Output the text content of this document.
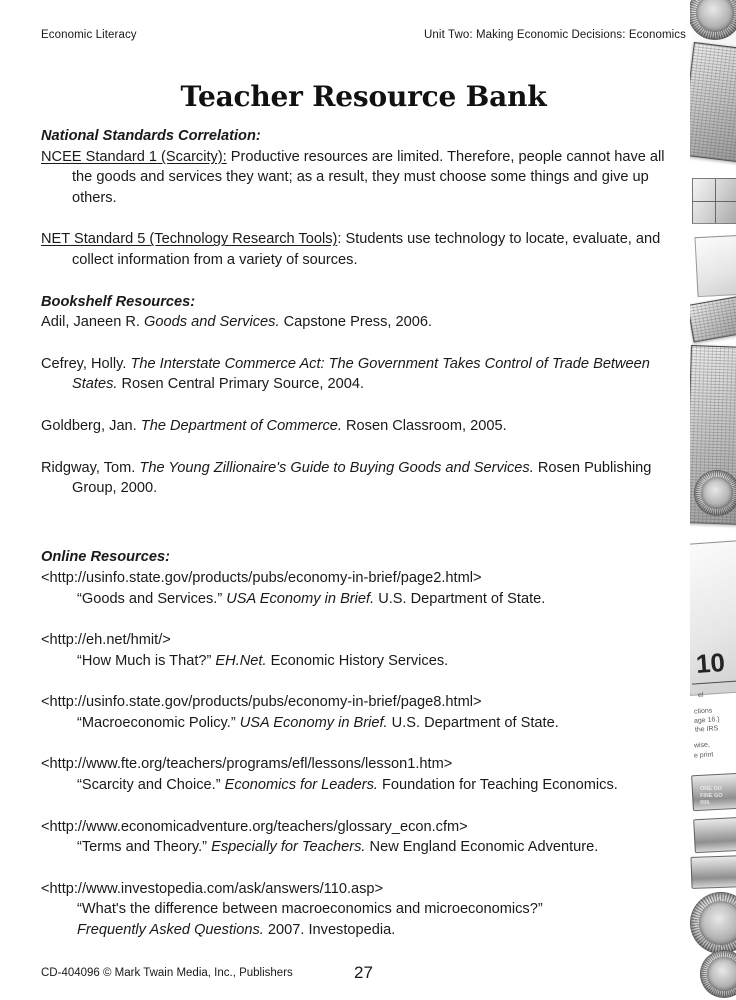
10
el
ctions
age 16.)
the IRS
wise,
e print
ONE OU
FINE GO
999.
Economic Literacy	Unit Two: Making Economic Decisions: Economics
Teacher Resource Bank
National Standards Correlation:
NCEE Standard 1 (Scarcity): Productive resources are limited. Therefore, people cannot have all the goods and services they want; as a result, they must choose some things and give up others.
NET Standard 5 (Technology Research Tools): Students use technology to locate, evaluate, and collect information from a variety of sources.
Bookshelf Resources:
Adil, Janeen R. Goods and Services. Capstone Press, 2006.
Cefrey, Holly. The Interstate Commerce Act: The Government Takes Control of Trade Between States. Rosen Central Primary Source, 2004.
Goldberg, Jan. The Department of Commerce. Rosen Classroom, 2005.
Ridgway, Tom. The Young Zillionaire's Guide to Buying Goods and Services. Rosen Publishing Group, 2000.
Online Resources:
<http://usinfo.state.gov/products/pubs/economy-in-brief/page2.html>
“Goods and Services.” USA Economy in Brief. U.S. Department of State.
<http://eh.net/hmit/>
“How Much is That?” EH.Net. Economic History Services.
<http://usinfo.state.gov/products/pubs/economy-in-brief/page8.html>
“Macroeconomic Policy.” USA Economy in Brief. U.S. Department of State.
<http://www.fte.org/teachers/programs/efl/lessons/lesson1.htm>
“Scarcity and Choice.” Economics for Leaders. Foundation for Teaching Economics.
<http://www.economicadventure.org/teachers/glossary_econ.cfm>
“Terms and Theory.” Especially for Teachers. New England Economic Adventure.
<http://www.investopedia.com/ask/answers/110.asp>
“What's the difference between macroeconomics and microeconomics?”
Frequently Asked Questions. 2007. Investopedia.
CD-404096 © Mark Twain Media, Inc., Publishers	27
